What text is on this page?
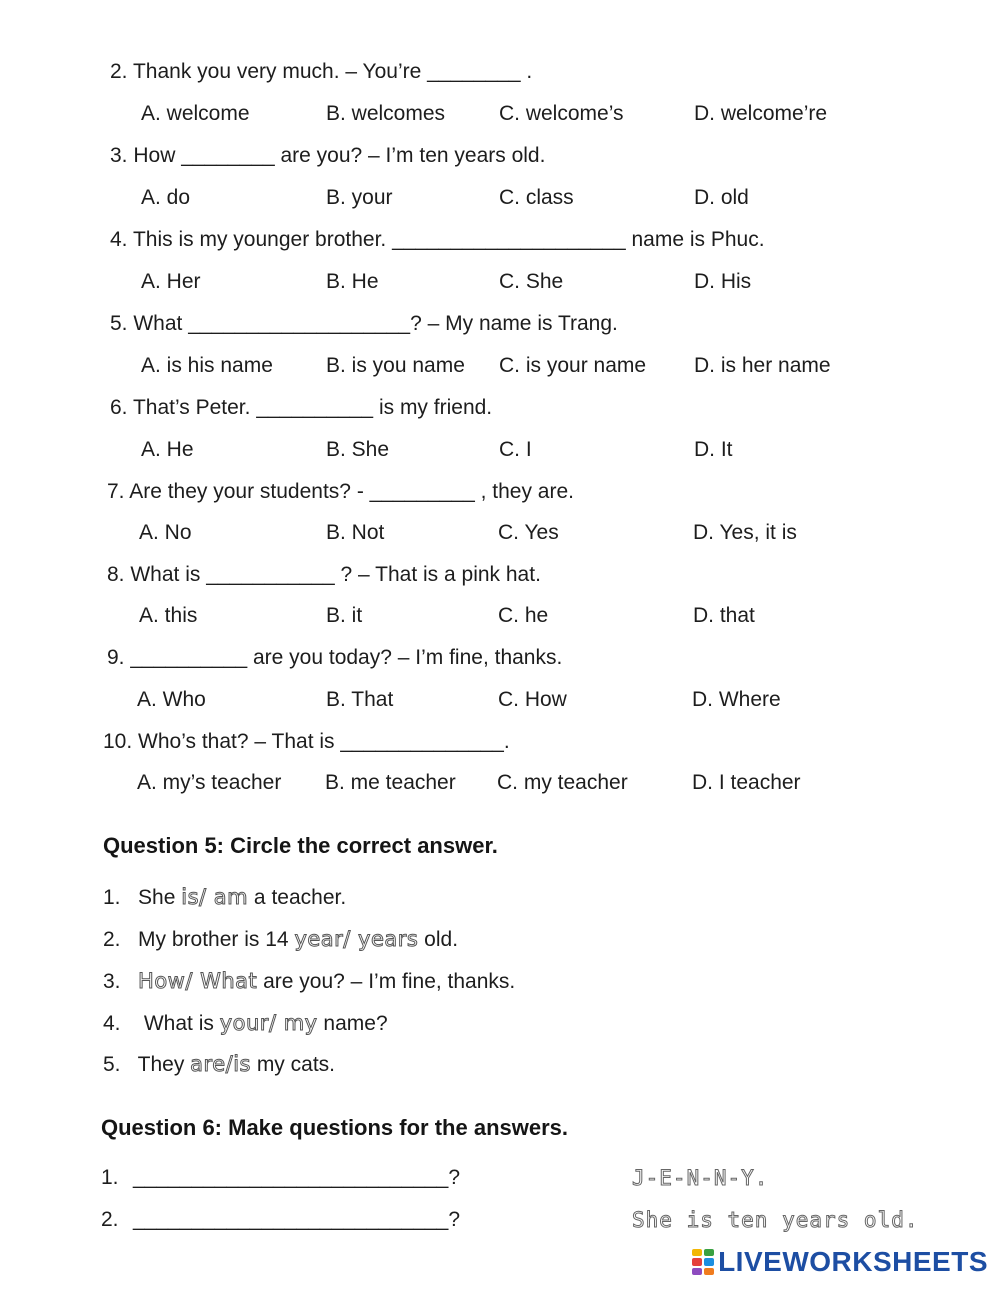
2. Thank you very much. – You’re ________ .
A. welcome	B. welcomes	C. welcome’s	D. welcome’re
3. How ________ are you? – I’m ten years old.
A. do	B. your	C. class	D. old
4. This is my younger brother. ____________________ name is Phuc.
A. Her	B. He	C. She	D. His
5. What ___________________? – My name is Trang.
A. is his name	B. is you name C. is your name D. is her name
6. That’s Peter. __________ is my friend.
A. He	B. She	C. I	D. It
7. Are they your students? - _________ , they are.
A. No	B. Not	C. Yes	D. Yes, it is
8. What is ___________ ? – That is a pink hat.
A. this	B. it	C. he	D. that
9. __________ are you today? – I’m fine, thanks.
A. Who	B. That	C. How	D. Where
10. Who’s that? – That is ______________.
A. my’s teacher B. me teacher C. my teacher	D. I teacher
Question 5: Circle the correct answer.
1. She is/ am a teacher.
2. My brother is 14 year/ years old.
3. How/ What are you? – I’m fine, thanks.
4. What is your/ my name?
5. They are/is my cats.
Question 6: Make questions for the answers.
1. ___________________________?	J-E-N-N-Y.
2. ___________________________?	She is ten years old.
LIVEWORKSHEETS
